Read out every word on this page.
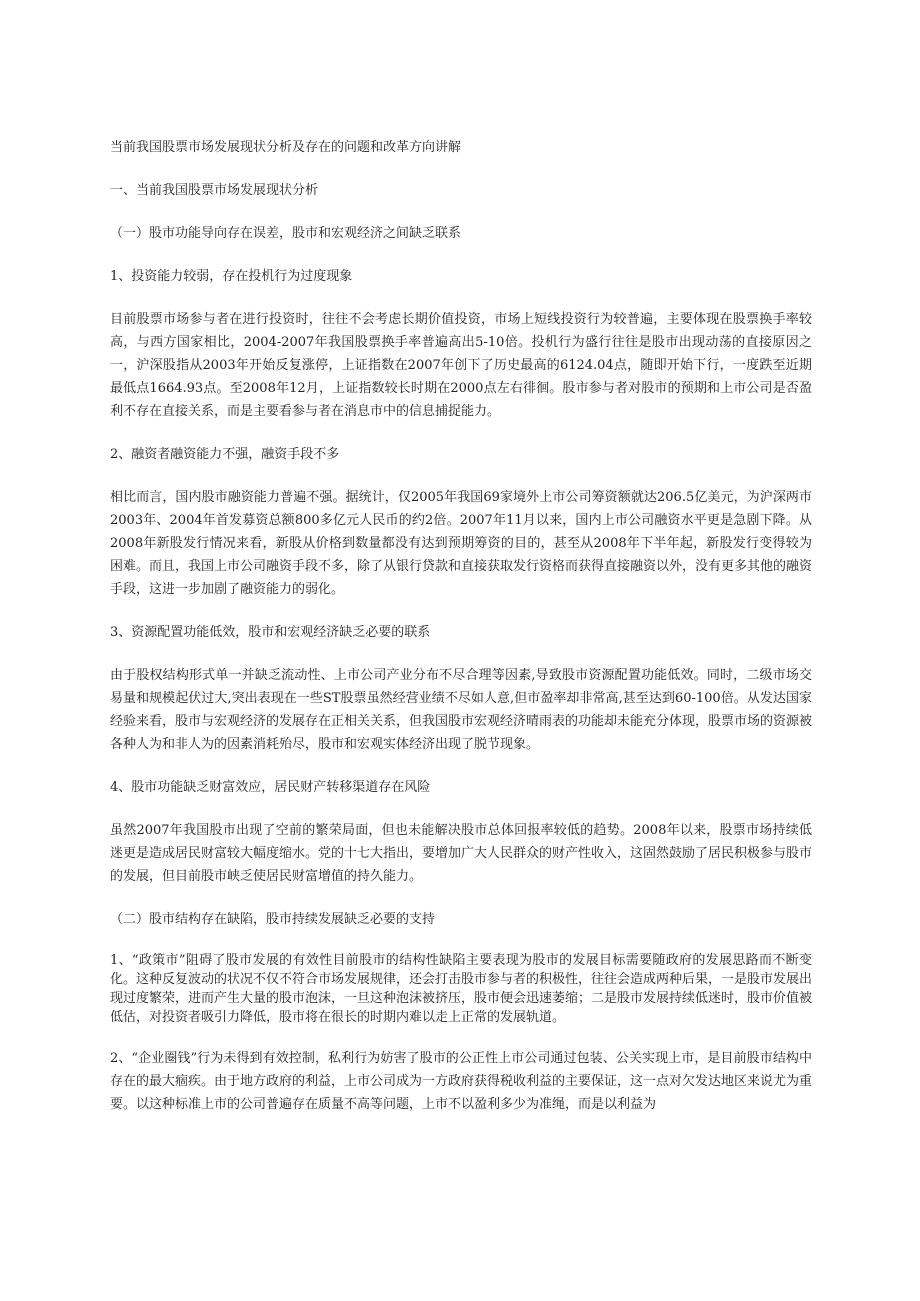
当前我国股票市场发展现状分析及存在的问题和改革方向讲解

一、当前我国股票市场发展现状分析

（一）股市功能导向存在误差，股市和宏观经济之间缺乏联系

1、投资能力较弱，存在投机行为过度现象

目前股票市场参与者在进行投资时，往往不会考虑长期价值投资，市场上短线投资行为较普遍，主要体现在股票换手率较高，与西方国家相比，2004-2007年我国股票换手率普遍高出5-10倍。投机行为盛行往往是股市出现动荡的直接原因之一，沪深股指从2003年开始反复涨停，上证指数在2007年创下了历史最高的6124.04点，随即开始下行，一度跌至近期最低点1664.93点。至2008年12月，上证指数较长时期在2000点左右徘徊。股市参与者对股市的预期和上市公司是否盈利不存在直接关系，而是主要看参与者在消息市中的信息捕捉能力。

2、融资者融资能力不强，融资手段不多

相比而言，国内股市融资能力普遍不强。据统计，仅2005年我国69家境外上市公司筹资额就达206.5亿美元，为沪深两市2003年、2004年首发募资总额800多亿元人民币的约2倍。2007年11月以来，国内上市公司融资水平更是急剧下降。从2008年新股发行情况来看，新股从价格到数量都没有达到预期筹资的目的，甚至从2008年下半年起，新股发行变得较为困难。而且，我国上市公司融资手段不多，除了从银行贷款和直接获取发行资格而获得直接融资以外，没有更多其他的融资手段，这进一步加剧了融资能力的弱化。

3、资源配置功能低效，股市和宏观经济缺乏必要的联系

由于股权结构形式单一并缺乏流动性、上市公司产业分布不尽合理等因素,导致股市资源配置功能低效。同时，二级市场交易量和规模起伏过大,突出表现在一些ST股票虽然经营业绩不尽如人意,但市盈率却非常高,甚至达到60-100倍。从发达国家经验来看，股市与宏观经济的发展存在正相关关系，但我国股市宏观经济晴雨表的功能却未能充分体现，股票市场的资源被各种人为和非人为的因素消耗殆尽，股市和宏观实体经济出现了脱节现象。

4、股市功能缺乏财富效应，居民财产转移渠道存在风险

虽然2007年我国股市出现了空前的繁荣局面，但也未能解决股市总体回报率较低的趋势。2008年以来，股票市场持续低迷更是造成居民财富较大幅度缩水。党的十七大指出，要增加广大人民群众的财产性收入，这固然鼓励了居民积极参与股市的发展，但目前股市峡乏使居民财富增值的持久能力。

（二）股市结构存在缺陷，股市持续发展缺乏必要的支持

1、“政策市”阻碍了股市发展的有效性目前股市的结构性缺陷主要表现为股市的发展目标需要随政府的发展思路而不断变化。这种反复波动的状况不仅不符合市场发展规律，还会打击股市参与者的积极性，往往会造成两种后果，一是股市发展出现过度繁荣，进而产生大量的股市泡沫，一旦这种泡沫被挤压，股市便会迅速萎缩；二是股市发展持续低迷时，股市价值被低估，对投资者吸引力降低，股市将在很长的时期内难以走上正常的发展轨道。

2、“企业圈钱”行为未得到有效控制，私利行为妨害了股市的公正性上市公司通过包装、公关实现上市，是目前股市结构中存在的最大痼疾。由于地方政府的利益，上市公司成为一方政府获得税收利益的主要保证，这一点对欠发达地区来说尤为重要。以这种标准上市的公司普遍存在质量不高等问题，上市不以盈利多少为准绳，而是以利益为
